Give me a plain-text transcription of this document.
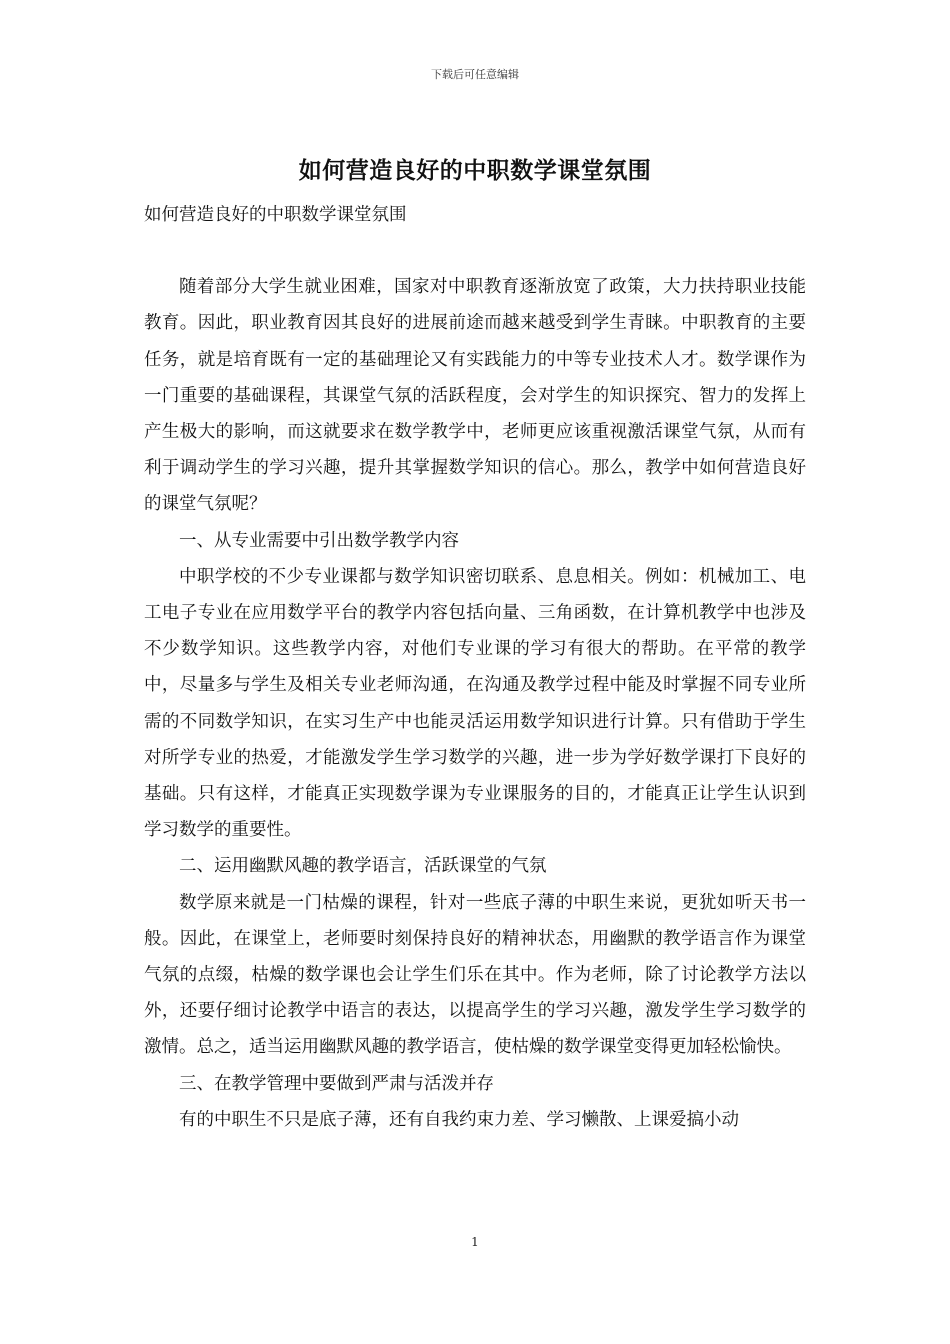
下载后可任意编辑
如何营造良好的中职数学课堂氛围

如何营造良好的中职数学课堂氛围

随着部分大学生就业困难，国家对中职教育逐渐放宽了政策，大力扶持职业技能教育。因此，职业教育因其良好的进展前途而越来越受到学生青睐。中职教育的主要任务，就是培育既有一定的基础理论又有实践能力的中等专业技术人才。数学课作为一门重要的基础课程，其课堂气氛的活跃程度，会对学生的知识探究、智力的发挥上产生极大的影响，而这就要求在数学教学中，老师更应该重视激活课堂气氛，从而有利于调动学生的学习兴趣，提升其掌握数学知识的信心。那么，教学中如何营造良好的课堂气氛呢？

一、从专业需要中引出数学教学内容

中职学校的不少专业课都与数学知识密切联系、息息相关。例如：机械加工、电工电子专业在应用数学平台的教学内容包括向量、三角函数，在计算机教学中也涉及不少数学知识。这些教学内容，对他们专业课的学习有很大的帮助。在平常的教学中，尽量多与学生及相关专业老师沟通，在沟通及教学过程中能及时掌握不同专业所需的不同数学知识，在实习生产中也能灵活运用数学知识进行计算。只有借助于学生对所学专业的热爱，才能激发学生学习数学的兴趣，进一步为学好数学课打下良好的基础。只有这样，才能真正实现数学课为专业课服务的目的，才能真正让学生认识到学习数学的重要性。

二、运用幽默风趣的教学语言，活跃课堂的气氛

数学原来就是一门枯燥的课程，针对一些底子薄的中职生来说，更犹如听天书一般。因此，在课堂上，老师要时刻保持良好的精神状态，用幽默的教学语言作为课堂气氛的点缀，枯燥的数学课也会让学生们乐在其中。作为老师，除了讨论教学方法以外，还要仔细讨论教学中语言的表达，以提高学生的学习兴趣，激发学生学习数学的激情。总之，适当运用幽默风趣的教学语言，使枯燥的数学课堂变得更加轻松愉快。

三、在教学管理中要做到严肃与活泼并存

有的中职生不只是底子薄，还有自我约束力差、学习懒散、上课爱搞小动

1
